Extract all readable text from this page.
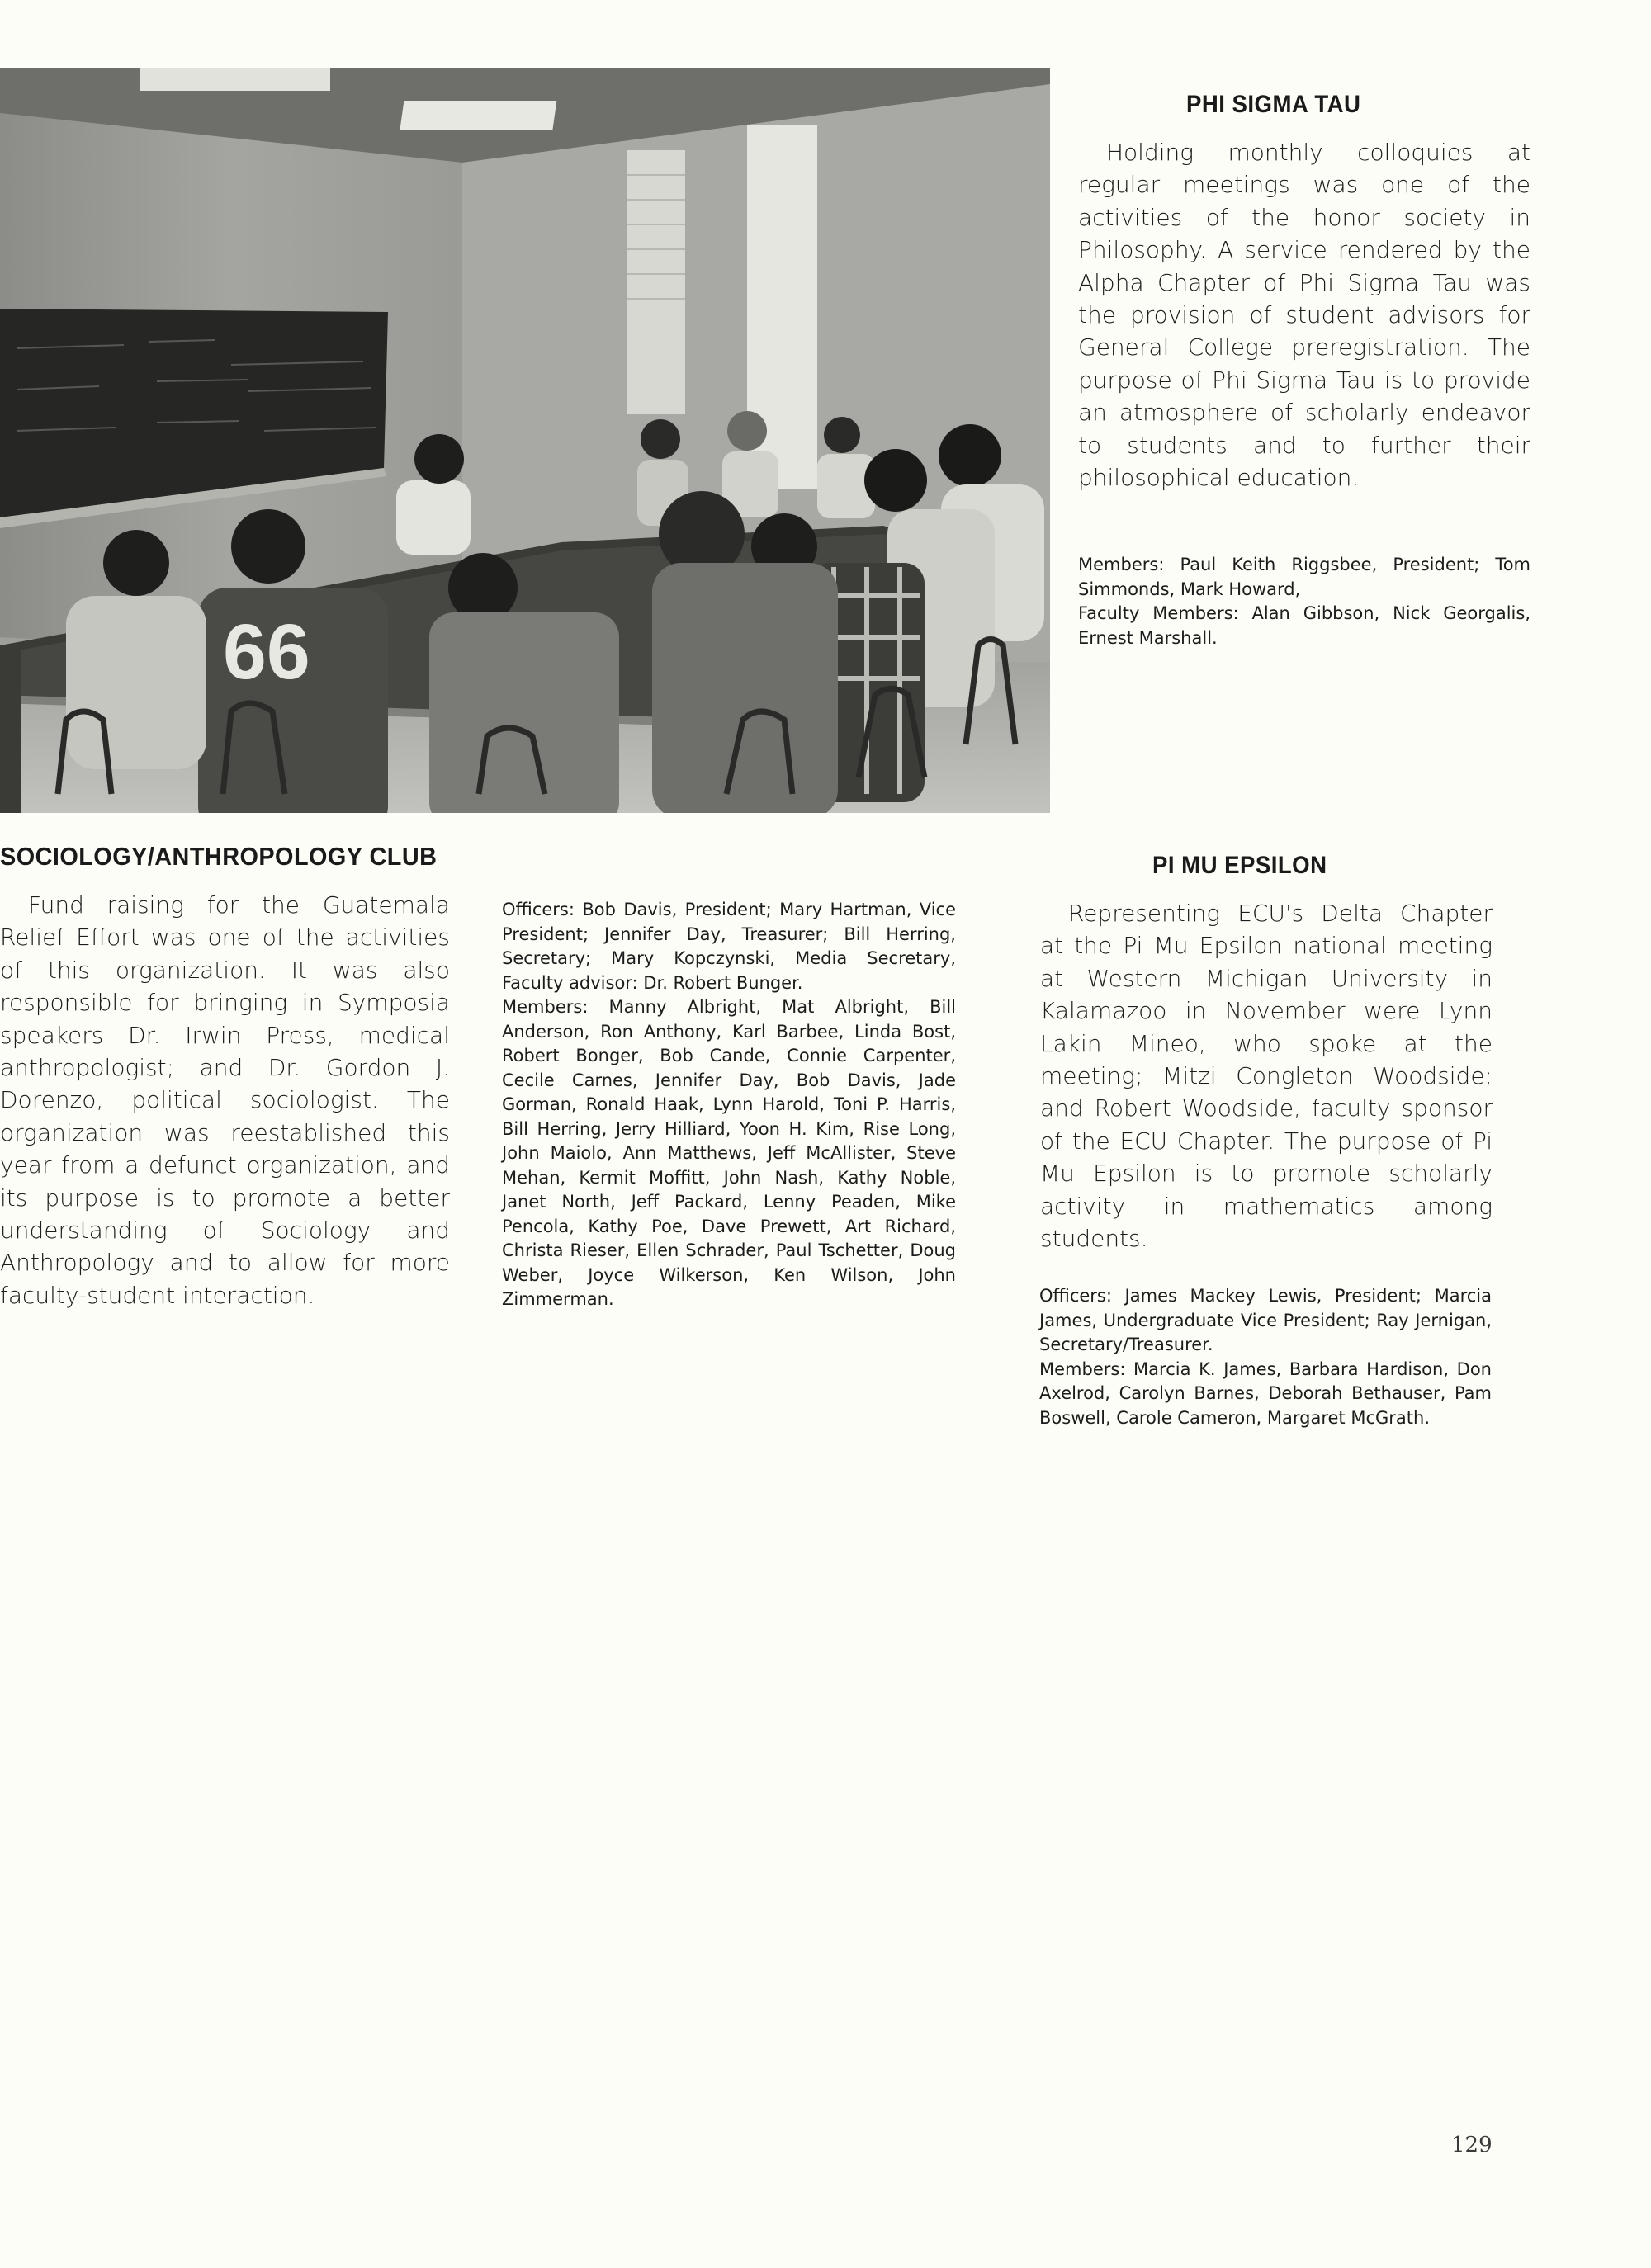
66
PHI SIGMA TAU
Holding monthly colloquies at regular meetings was one of the activities of the honor society in Philosophy. A service rendered by the Alpha Chapter of Phi Sigma Tau was the provision of student advisors for General College preregistration. The purpose of Phi Sigma Tau is to provide an atmosphere of scholarly endeavor to students and to further their philosophical education.

Members: Paul Keith Riggsbee, President; Tom Simmonds, Mark Howard,

Faculty Members: Alan Gibbson, Nick Georgalis, Ernest Marshall.

SOCIOLOGY/ANTHROPOLOGY CLUB
Fund raising for the Guatemala Relief Effort was one of the activities of this organization. It was also responsible for bringing in Symposia speakers Dr. Irwin Press, medical anthropologist; and Dr. Gordon J. Dorenzo, political sociologist. The organization was reestablished this year from a defunct organization, and its purpose is to promote a better understanding of Sociology and Anthropology and to allow for more faculty-student interaction.

Officers: Bob Davis, President; Mary Hartman, Vice President; Jennifer Day, Treasurer; Bill Herring, Secretary; Mary Kopczynski, Media Secretary, Faculty advisor: Dr. Robert Bunger.

Members: Manny Albright, Mat Albright, Bill Anderson, Ron Anthony, Karl Barbee, Linda Bost, Robert Bonger, Bob Cande, Connie Carpenter, Cecile Carnes, Jennifer Day, Bob Davis, Jade Gorman, Ronald Haak, Lynn Harold, Toni P. Harris, Bill Herring, Jerry Hilliard, Yoon H. Kim, Rise Long, John Maiolo, Ann Matthews, Jeff McAllister, Steve Mehan, Kermit Moffitt, John Nash, Kathy Noble, Janet North, Jeff Packard, Lenny Peaden, Mike Pencola, Kathy Poe, Dave Prewett, Art Richard, Christa Rieser, Ellen Schrader, Paul Tschetter, Doug Weber, Joyce Wilkerson, Ken Wilson, John Zimmerman.

PI MU EPSILON
Representing ECU's Delta Chapter at the Pi Mu Epsilon national meeting at Western Michigan University in Kalamazoo in November were Lynn Lakin Mineo, who spoke at the meeting; Mitzi Congleton Woodside; and Robert Woodside, faculty sponsor of the ECU Chapter. The purpose of Pi Mu Epsilon is to promote scholarly activity in mathematics among students.

Officers: James Mackey Lewis, President; Marcia James, Undergraduate Vice President; Ray Jernigan, Secretary/Treasurer.

Members: Marcia K. James, Barbara Hardison, Don Axelrod, Carolyn Barnes, Deborah Bethauser, Pam Boswell, Carole Cameron, Margaret McGrath.

129
